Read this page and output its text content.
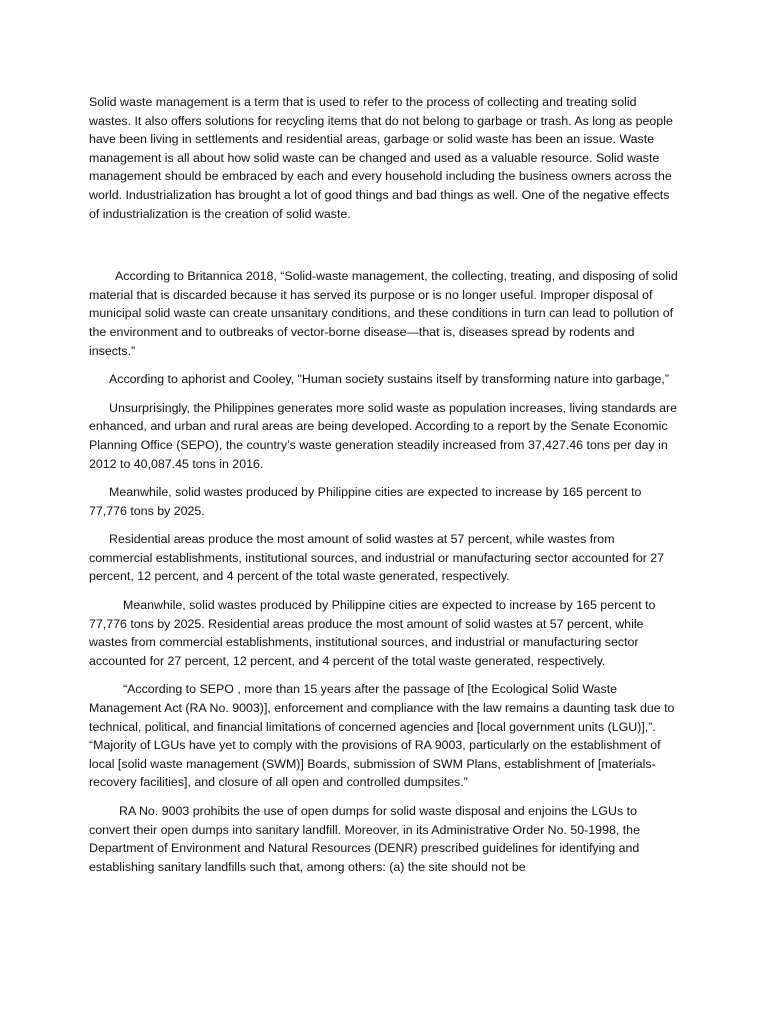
Solid waste management is a term that is used to refer to the process of collecting and treating solid wastes. It also offers solutions for recycling items that do not belong to garbage or trash. As long as people have been living in settlements and residential areas, garbage or solid waste has been an issue. Waste management is all about how solid waste can be changed and used as a valuable resource. Solid waste management should be embraced by each and every household including the business owners across the world. Industrialization has brought a lot of good things and bad things as well. One of the negative effects of industrialization is the creation of solid waste.

According to Britannica 2018, “Solid-waste management, the collecting, treating, and disposing of solid material that is discarded because it has served its purpose or is no longer useful. Improper disposal of municipal solid waste can create unsanitary conditions, and these conditions in turn can lead to pollution of the environment and to outbreaks of vector-borne disease—that is, diseases spread by rodents and insects.”

According to aphorist and Cooley, "Human society sustains itself by transforming nature into garbage,”

Unsurprisingly, the Philippines generates more solid waste as population increases, living standards are enhanced, and urban and rural areas are being developed. According to a report by the Senate Economic Planning Office (SEPO), the country’s waste generation steadily increased from 37,427.46 tons per day in 2012 to 40,087.45 tons in 2016.

Meanwhile, solid wastes produced by Philippine cities are expected to increase by 165 percent to 77,776 tons by 2025.

Residential areas produce the most amount of solid wastes at 57 percent, while wastes from commercial establishments, institutional sources, and industrial or manufacturing sector accounted for 27 percent, 12 percent, and 4 percent of the total waste generated, respectively.

Meanwhile, solid wastes produced by Philippine cities are expected to increase by 165 percent to 77,776 tons by 2025. Residential areas produce the most amount of solid wastes at 57 percent, while wastes from commercial establishments, institutional sources, and industrial or manufacturing sector accounted for 27 percent, 12 percent, and 4 percent of the total waste generated, respectively.

“According to SEPO , more than 15 years after the passage of [the Ecological Solid Waste Management Act (RA No. 9003)], enforcement and compliance with the law remains a daunting task due to technical, political, and financial limitations of concerned agencies and [local government units (LGU)],”. “Majority of LGUs have yet to comply with the provisions of RA 9003, particularly on the establishment of local [solid waste management (SWM)] Boards, submission of SWM Plans, establishment of [materials-recovery facilities], and closure of all open and controlled dumpsites.”

RA No. 9003 prohibits the use of open dumps for solid waste disposal and enjoins the LGUs to convert their open dumps into sanitary landfill. Moreover, in its Administrative Order No. 50-1998, the Department of Environment and Natural Resources (DENR) prescribed guidelines for identifying and establishing sanitary landfills such that, among others: (a) the site should not be
